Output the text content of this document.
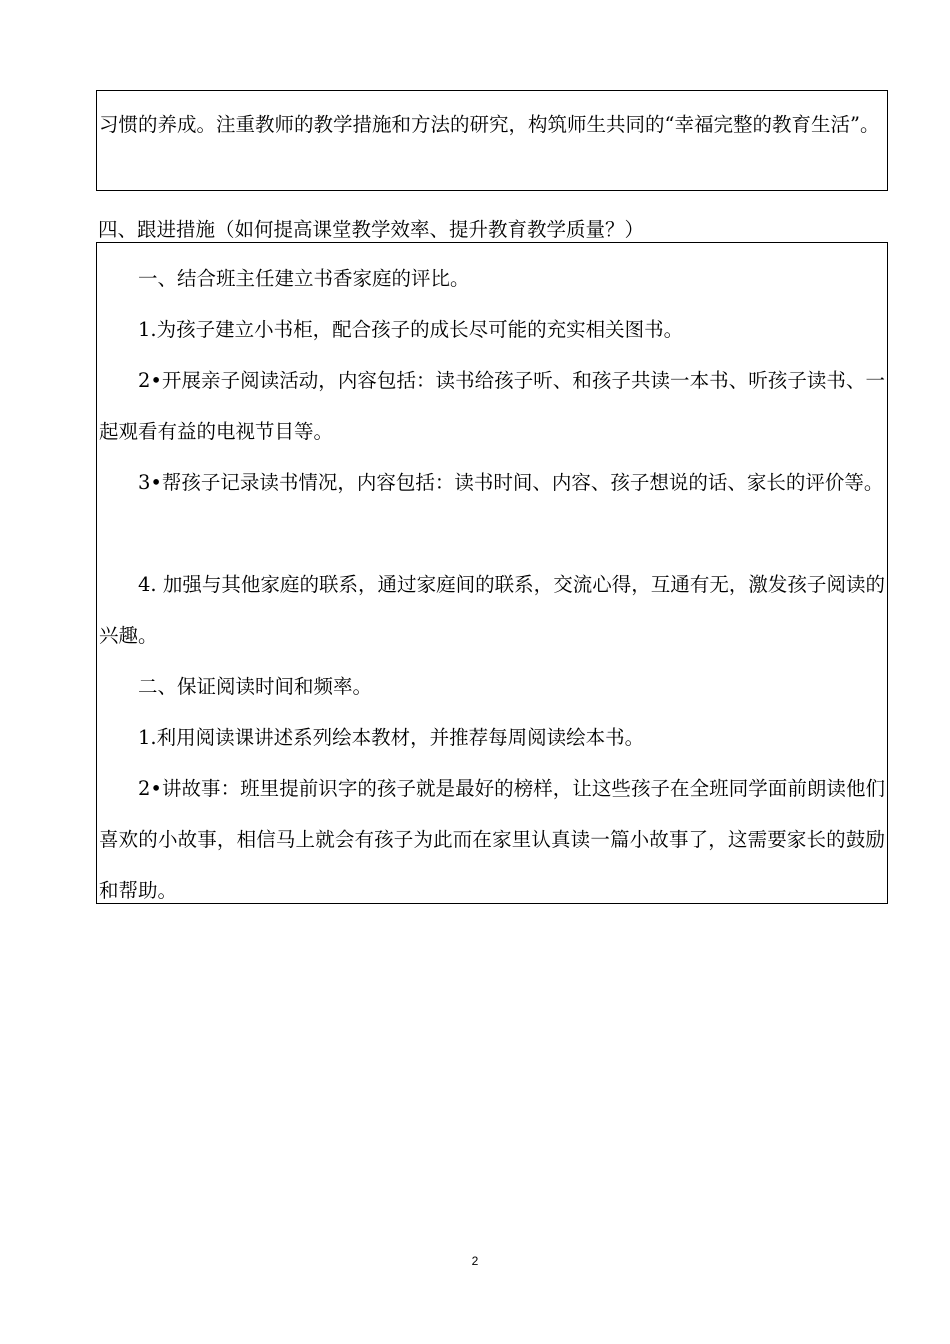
习惯的养成。注重教师的教学措施和方法的研究，构筑师生共同的“幸福完整的教育生活”。

四、跟进措施（如何提高课堂教学效率、提升教育教学质量？）

一、结合班主任建立书香家庭的评比。

1.为孩子建立小书柜，配合孩子的成长尽可能的充实相关图书。

2•开展亲子阅读活动，内容包括：读书给孩子听、和孩子共读一本书、听孩子读书、一起观看有益的电视节目等。

3•帮孩子记录读书情况，内容包括：读书时间、内容、孩子想说的话、家长的评价等。

4. 加强与其他家庭的联系，通过家庭间的联系，交流心得，互通有无，激发孩子阅读的兴趣。

二、保证阅读时间和频率。

1.利用阅读课讲述系列绘本教材，并推荐每周阅读绘本书。

2•讲故事：班里提前识字的孩子就是最好的榜样，让这些孩子在全班同学面前朗读他们喜欢的小故事，相信马上就会有孩子为此而在家里认真读一篇小故事了，这需要家长的鼓励和帮助。

2
